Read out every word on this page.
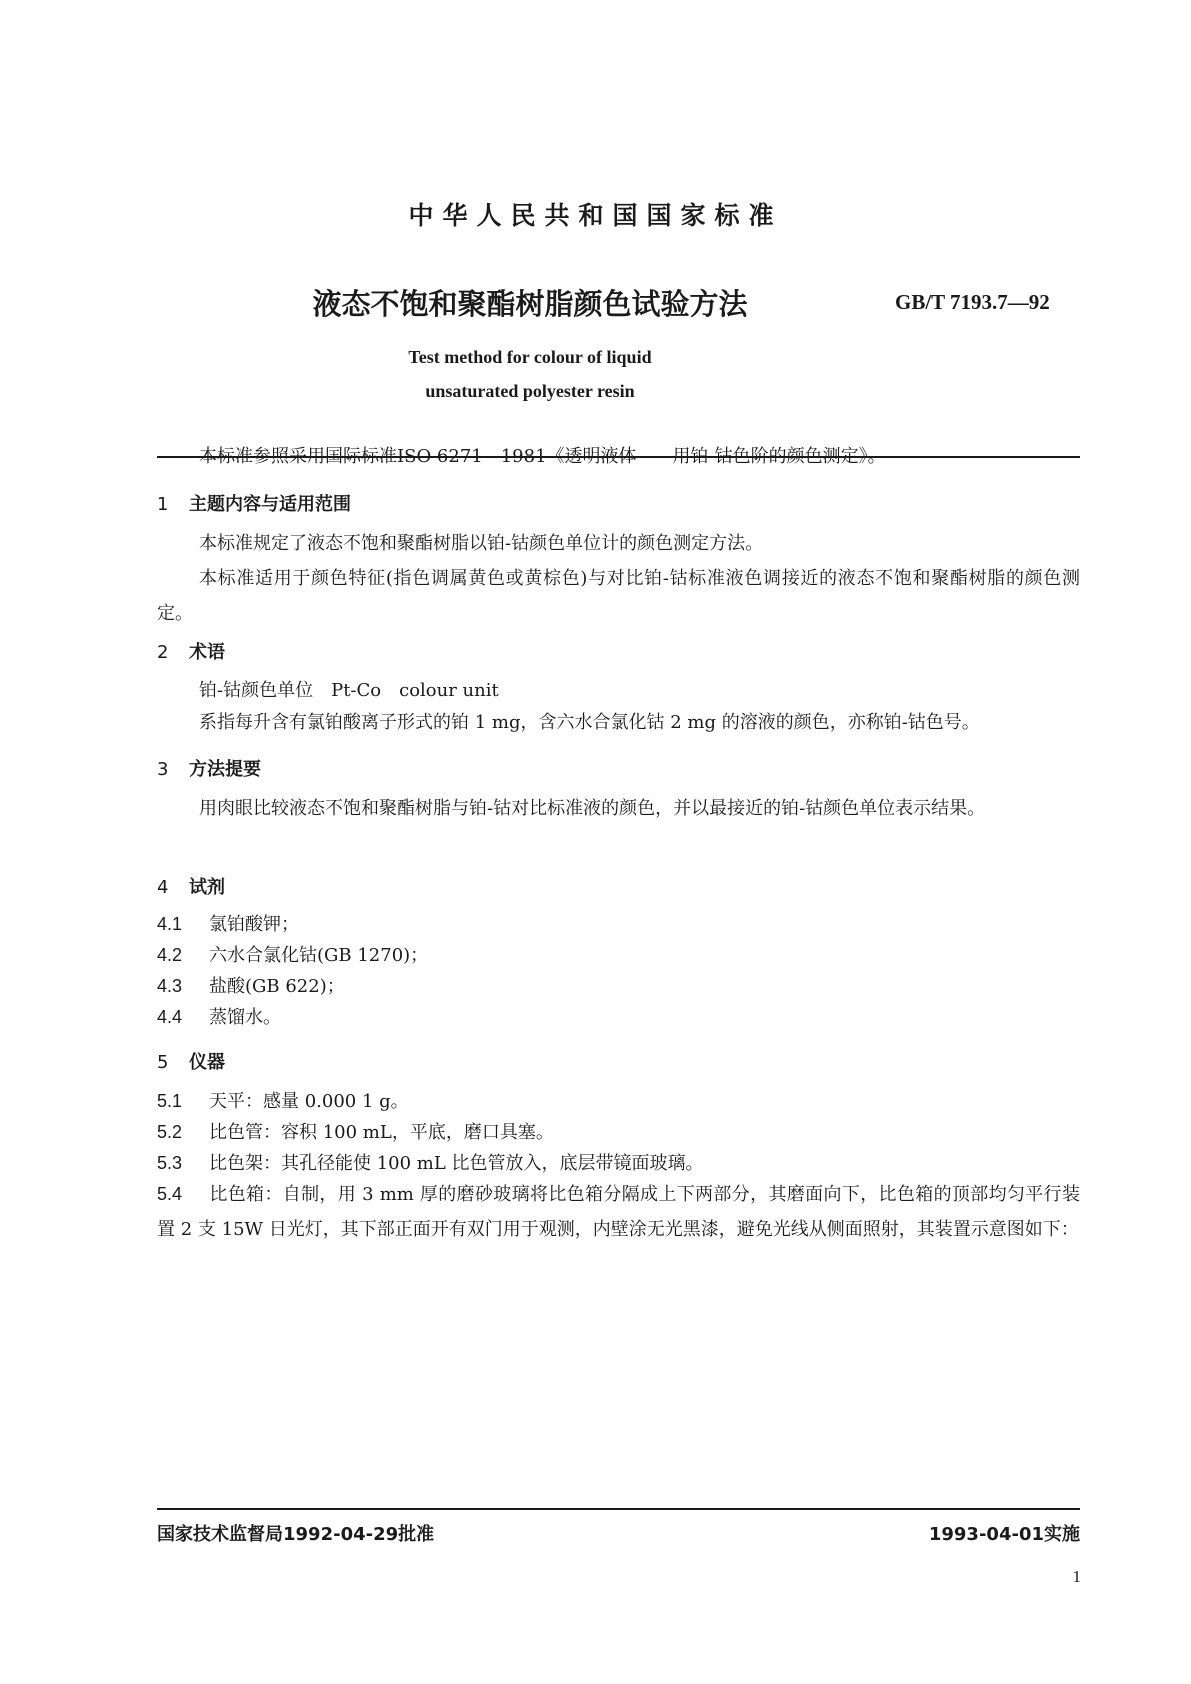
中华人民共和国国家标准
液态不饱和聚酯树脂颜色试验方法	GB/T 7193.7—92
Test method for colour of liquid
unsaturated polyester resin
本标准参照采用国际标准ISO 6271—1981《透明液体——用铂-钴色阶的颜色测定》。
1 主题内容与适用范围
本标准规定了液态不饱和聚酯树脂以铂-钴颜色单位计的颜色测定方法。
本标准适用于颜色特征(指色调属黄色或黄棕色)与对比铂-钴标准液色调接近的液态不饱和聚酯树脂的颜色测定。
2 术语
铂-钴颜色单位　Pt-Co　colour unit
系指每升含有氯铂酸离子形式的铂 1 mg，含六水合氯化钴 2 mg 的溶液的颜色，亦称铂-钴色号。
3 方法提要
用肉眼比较液态不饱和聚酯树脂与铂-钴对比标准液的颜色，并以最接近的铂-钴颜色单位表示结果。
4 试剂
4.1 氯铂酸钾；
4.2 六水合氯化钴(GB 1270)；
4.3 盐酸(GB 622)；
4.4 蒸馏水。
5 仪器
5.1 天平：感量 0.000 1 g。
5.2 比色管：容积 100 mL，平底，磨口具塞。
5.3 比色架：其孔径能使 100 mL 比色管放入，底层带镜面玻璃。
5.4 比色箱：自制，用 3 mm 厚的磨砂玻璃将比色箱分隔成上下两部分，其磨面向下，比色箱的顶部均匀平行装置 2 支 15W 日光灯，其下部正面开有双门用于观测，内壁涂无光黑漆，避免光线从侧面照射，其装置示意图如下：
国家技术监督局1992-04-29批准	1993-04-01实施
1
